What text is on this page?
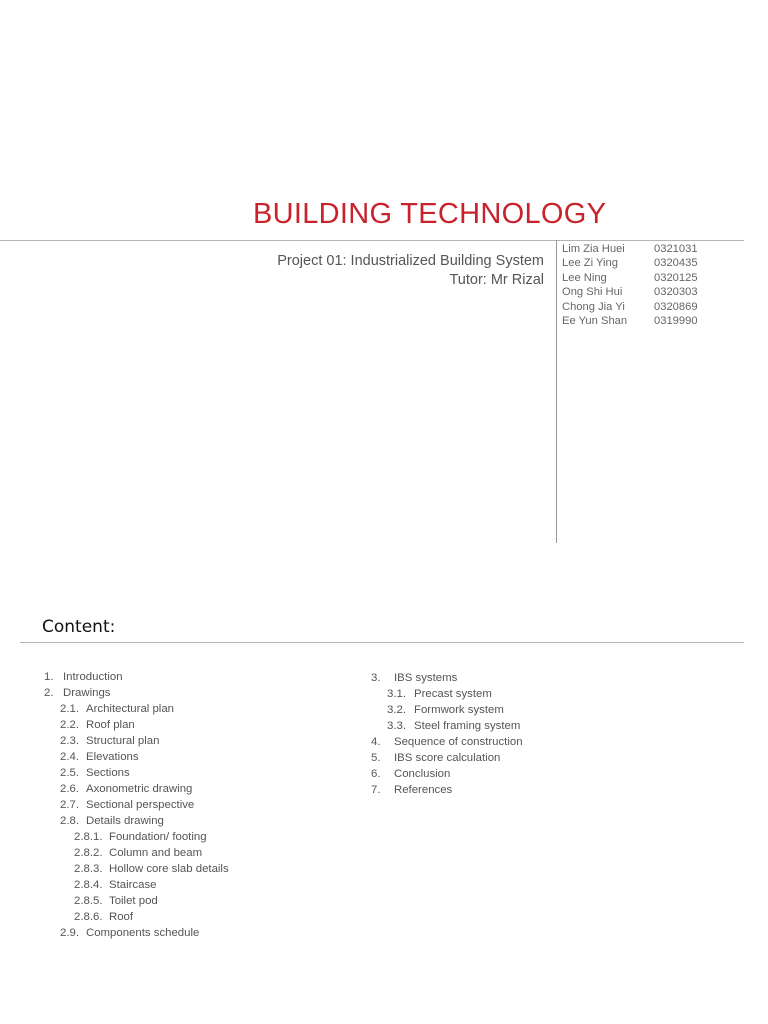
BUILDING TECHNOLOGY
Project 01: Industrialized Building System
Tutor: Mr Rizal
Lim Zia Huei	0321031
Lee Zi Ying	0320435
Lee Ning	0320125
Ong Shi Hui	0320303
Chong Jia Yi	0320869
Ee Yun Shan	0319990
Content:
1. Introduction
2. Drawings
2.1. Architectural plan
2.2. Roof plan
2.3. Structural plan
2.4. Elevations
2.5. Sections
2.6. Axonometric drawing
2.7. Sectional perspective
2.8. Details drawing
2.8.1. Foundation/ footing
2.8.2. Column and beam
2.8.3. Hollow core slab details
2.8.4. Staircase
2.8.5. Toilet pod
2.8.6. Roof
2.9. Components schedule
3. IBS systems
3.1. Precast system
3.2. Formwork system
3.3. Steel framing system
4. Sequence of construction
5. IBS score calculation
6. Conclusion
7. References
